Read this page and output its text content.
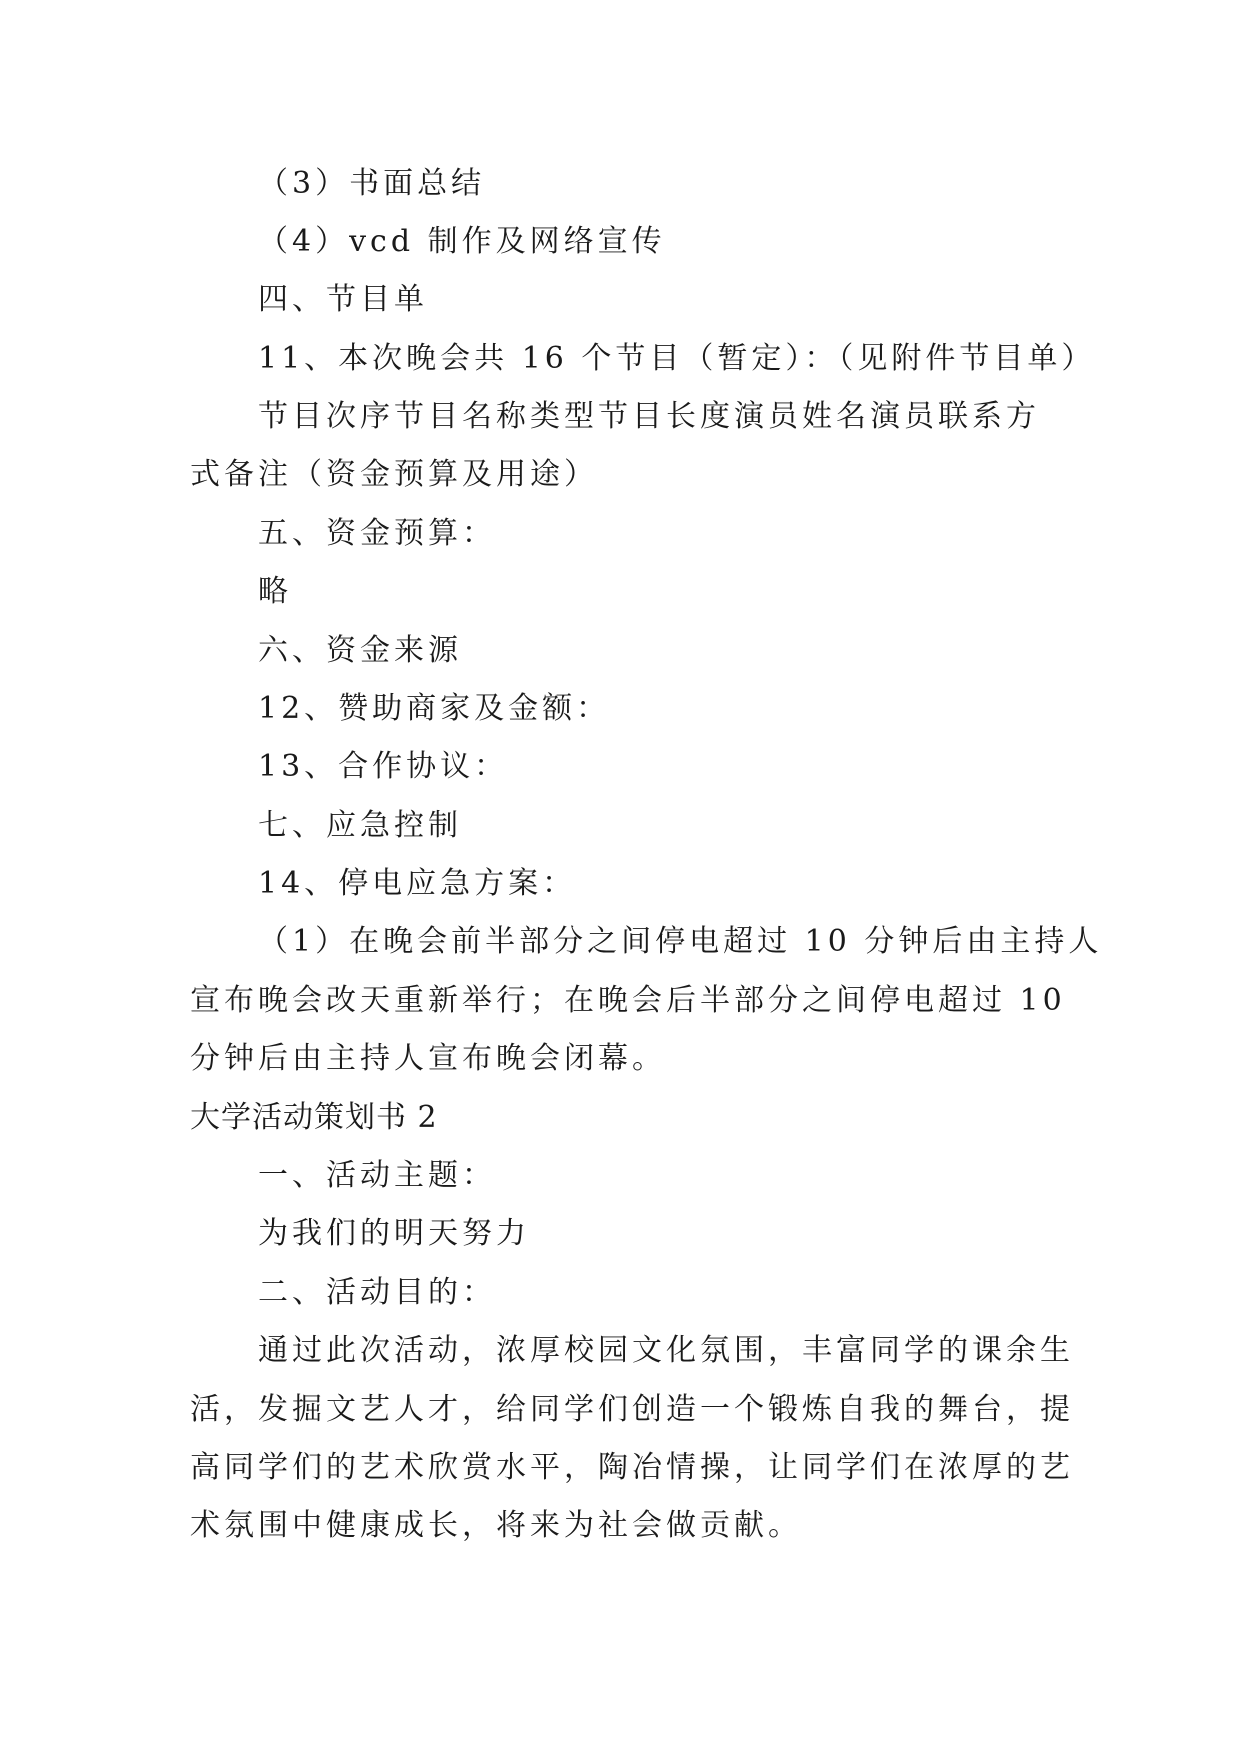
（3）书面总结

（4）vcd 制作及网络宣传

四、节目单

11、本次晚会共 16 个节目（暂定）：（见附件节目单）

节目次序节目名称类型节目长度演员姓名演员联系方

式备注（资金预算及用途）

五、资金预算：

略

六、资金来源

12、赞助商家及金额：

13、合作协议：

七、应急控制

14、停电应急方案：

（1）在晚会前半部分之间停电超过 10 分钟后由主持人

宣布晚会改天重新举行；在晚会后半部分之间停电超过 10

分钟后由主持人宣布晚会闭幕。

大学活动策划书 2

一、活动主题：

为我们的明天努力

二、活动目的：

通过此次活动，浓厚校园文化氛围，丰富同学的课余生

活，发掘文艺人才，给同学们创造一个锻炼自我的舞台，提

高同学们的艺术欣赏水平，陶冶情操，让同学们在浓厚的艺

术氛围中健康成长，将来为社会做贡献。
